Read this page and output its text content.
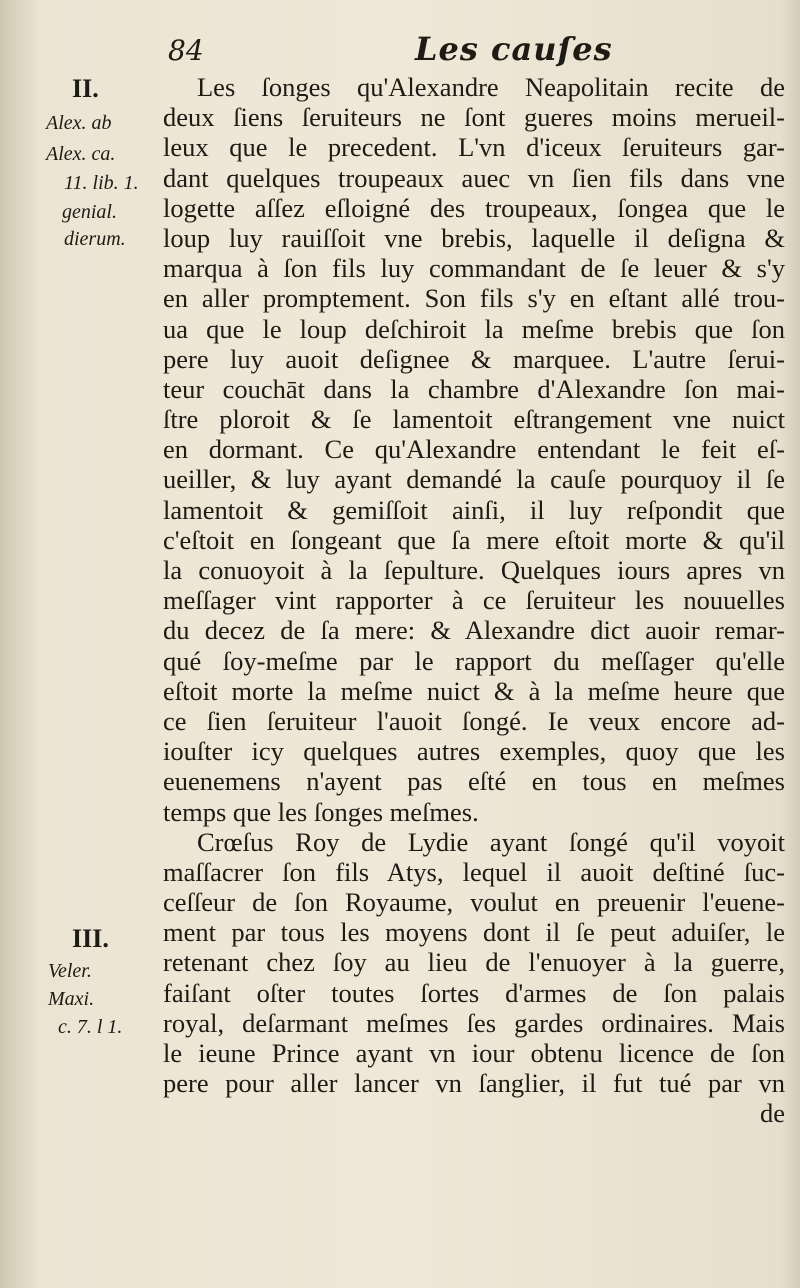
84	Les cauſes
II.
Alex. ab
Alex. ca.
11. lib. 1.
genial.
dierum.
III.
Veler.
Maxi.
c. 7. l 1.
Les ſonges qu'Alexandre Neapolitain recite de
deux ſiens ſeruiteurs ne ſont gueres moins merueil-
leux que le precedent. L'vn d'iceux ſeruiteurs gar-
dant quelques troupeaux auec vn ſien fils dans vne
logette aſſez eſloigné des troupeaux, ſongea que le
loup luy rauiſſoit vne brebis, laquelle il deſigna &
marqua à ſon fils luy commandant de ſe leuer & s'y
en aller promptement. Son fils s'y en eſtant allé trou-
ua que le loup deſchiroit la meſme brebis que ſon
pere luy auoit deſignee & marquee. L'autre ſerui-
teur couchāt dans la chambre d'Alexandre ſon mai-
ſtre ploroit & ſe lamentoit eſtrangement vne nuict
en dormant. Ce qu'Alexandre entendant le feit eſ-
ueiller, & luy ayant demandé la cauſe pourquoy il ſe
lamentoit & gemiſſoit ainſi, il luy reſpondit que
c'eſtoit en ſongeant que ſa mere eſtoit morte & qu'il
la conuoyoit à la ſepulture. Quelques iours apres vn
meſſager vint rapporter à ce ſeruiteur les nouuelles
du decez de ſa mere: & Alexandre dict auoir remar-
qué ſoy-meſme par le rapport du meſſager qu'elle
eſtoit morte la meſme nuict & à la meſme heure que
ce ſien ſeruiteur l'auoit ſongé. Ie veux encore ad-
iouſter icy quelques autres exemples, quoy que les
euenemens n'ayent pas eſté en tous en meſmes
temps que les ſonges meſmes.
Crœſus Roy de Lydie ayant ſongé qu'il voyoit
maſſacrer ſon fils Atys, lequel il auoit deſtiné ſuc-
ceſſeur de ſon Royaume, voulut en preuenir l'euene-
ment par tous les moyens dont il ſe peut aduiſer, le
retenant chez ſoy au lieu de l'enuoyer à la guerre,
faiſant oſter toutes ſortes d'armes de ſon palais
royal, deſarmant meſmes ſes gardes ordinaires. Mais
le ieune Prince ayant vn iour obtenu licence de ſon
pere pour aller lancer vn ſanglier, il fut tué par vn
de
